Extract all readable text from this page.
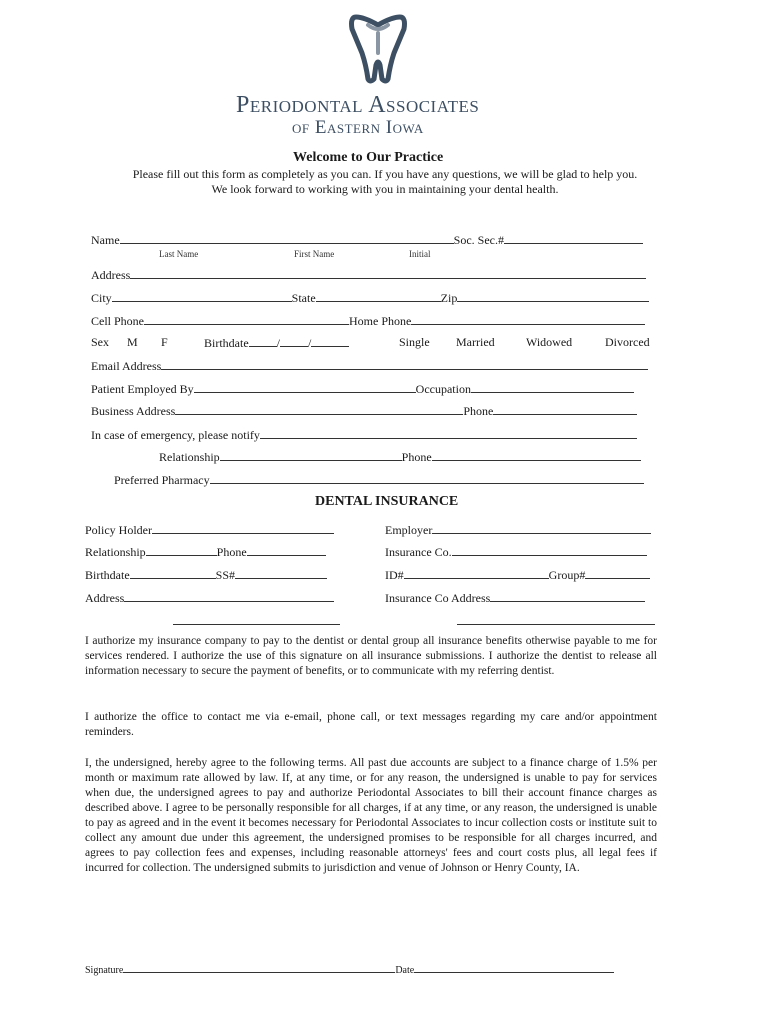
Periodontal Associates
of Eastern Iowa
Welcome to Our Practice
Please fill out this form as completely as you can. If you have any questions, we will be glad to help you.
We look forward to working with you in maintaining your dental health.
Name	Soc. Sec.#
Last Name	First Name	Initial
Address
City	State	Zip
Cell Phone	Home Phone
Sex M F	Birthdate / /	Single Married	Widowed	Divorced
Email Address
Patient Employed By	Occupation
Business Address	Phone
In case of emergency, please notify
Relationship	Phone
Preferred Pharmacy
DENTAL INSURANCE
Policy Holder	Employer
Relationship	Phone	Insurance Co.
Birthdate	SS#	ID#	Group#
Address	Insurance Co Address
I authorize my insurance company to pay to the dentist or dental group all insurance benefits otherwise payable to me for services rendered. I authorize the use of this signature on all insurance submissions. I authorize the dentist to release all information necessary to secure the payment of benefits, or to communicate with my referring dentist.
I authorize the office to contact me via e-email, phone call, or text messages regarding my care and/or appointment reminders.
I, the undersigned, hereby agree to the following terms. All past due accounts are subject to a finance charge of 1.5% per month or maximum rate allowed by law. If, at any time, or for any reason, the undersigned is unable to pay for services when due, the undersigned agrees to pay and authorize Periodontal Associates to bill their account finance charges as described above. I agree to be personally responsible for all charges, if at any time, or any reason, the undersigned is unable to pay as agreed and in the event it becomes necessary for Periodontal Associates to incur collection costs or institute suit to collect any amount due under this agreement, the undersigned promises to be responsible for all charges incurred, and agrees to pay collection fees and expenses, including reasonable attorneys' fees and court costs plus, all legal fees if incurred for collection. The undersigned submits to jurisdiction and venue of Johnson or Henry County, IA.
Signature	Date
